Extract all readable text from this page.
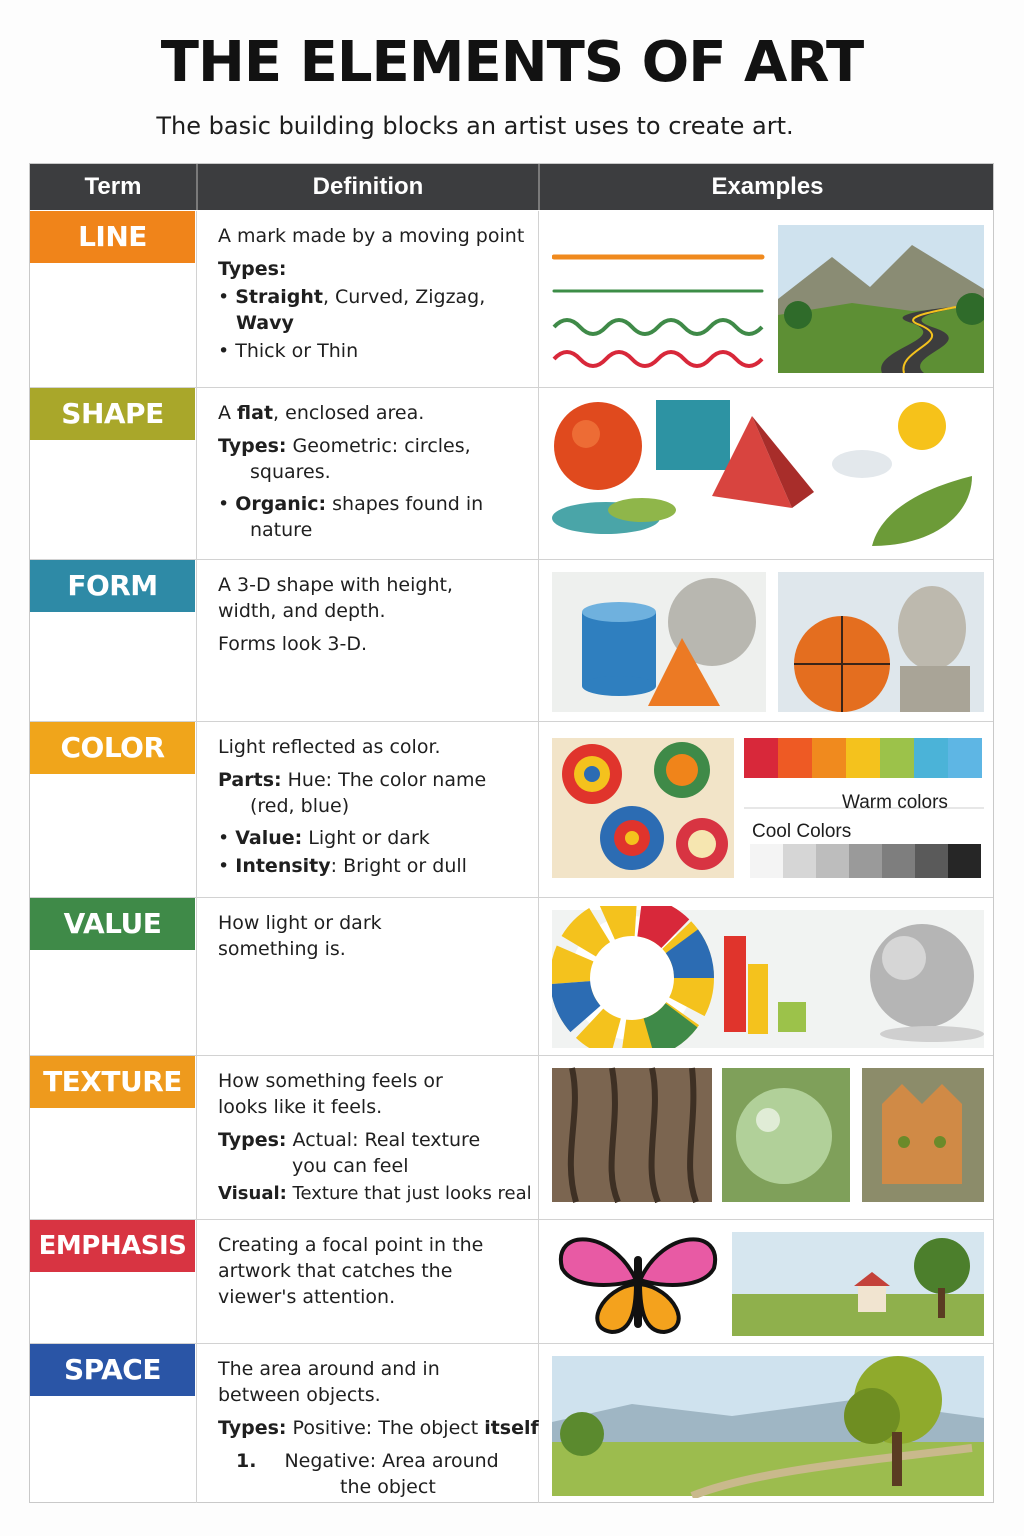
THE ELEMENTS OF ART
The basic building blocks an artist uses to create art.
Term	Definition	Examples
LINE	A mark made by a moving point

Types:

• Straight, Curved, Zigzag,
Wavy

• Thick or Thin

SHAPE	A flat, enclosed area.

Types: Geometric: circles,

squares.

• Organic: shapes found in

nature

FORM	A 3-D shape with height,

width, and depth.

Forms look 3-D.

COLOR	Light reflected as color.

Parts: Hue: The color name

(red, blue)

• Value: Light or dark

• Intensity: Bright or dull

Warm colors
Cool Colors
VALUE	How light or dark

something is.

TEXTURE	How something feels or

looks like it feels.

Types: Actual: Real texture
you can feel

Visual: Texture that just looks real

EMPHASIS	Creating a focal point in the

artwork that catches the

viewer's attention.

SPACE	The area around and in

between objects.

Types: Positive: The object itself

1. Negative: Area around
the object
